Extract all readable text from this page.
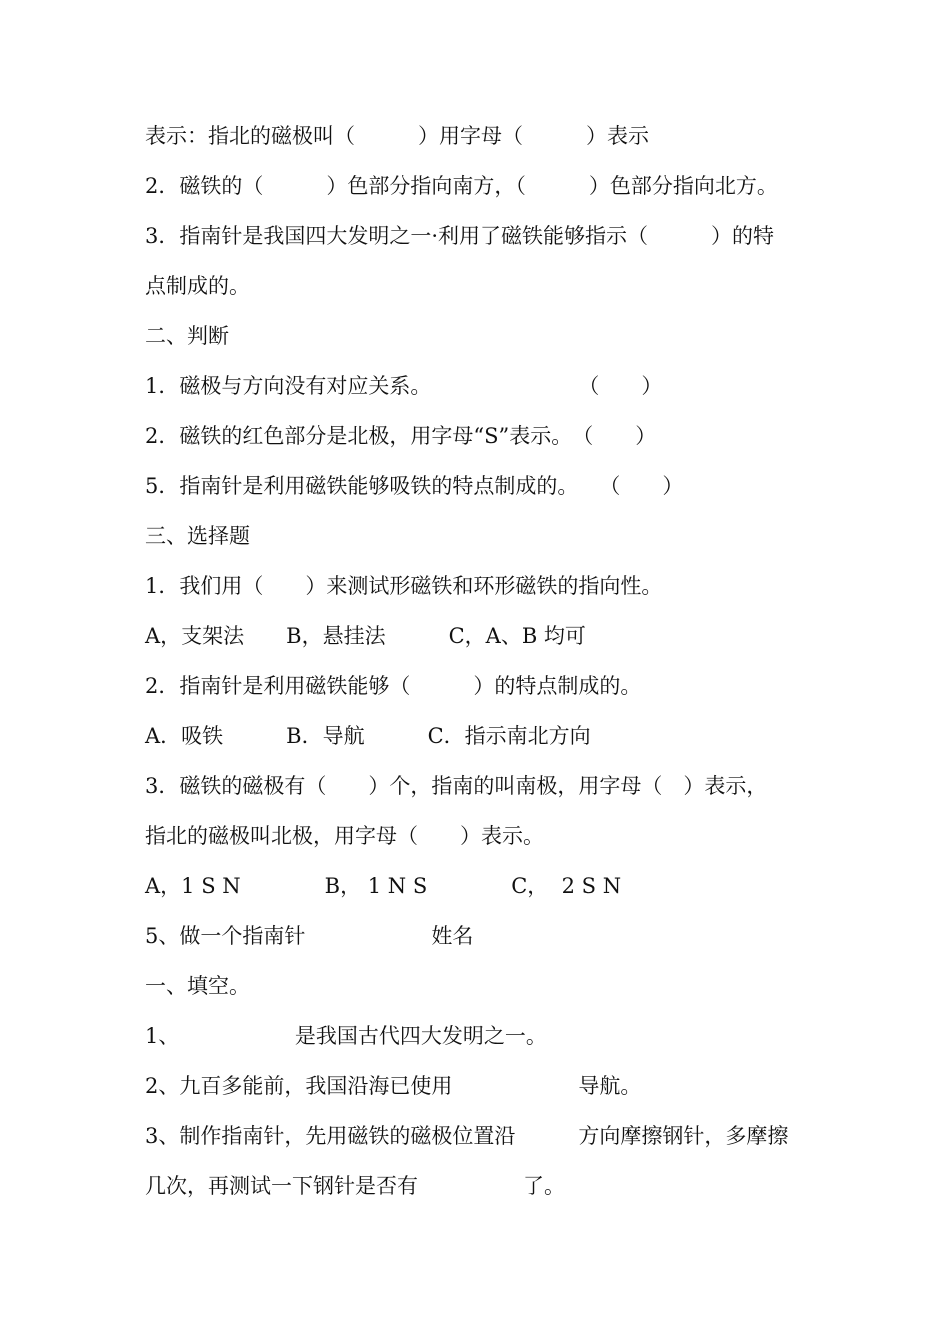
表示：指北的磁极叫（　　　）用字母（　　　）表示
2．磁铁的（　　　）色部分指向南方，（　　　）色部分指向北方。
3．指南针是我国四大发明之一·利用了磁铁能够指示（　　　）的特
点制成的。
二、判断
1．磁极与方向没有对应关系。　　　　　　　　（　　）
2．磁铁的红色部分是北极，用字母“S”表示。　（　　）
5．指南针是利用磁铁能够吸铁的特点制成的。　　（　　）
三、选择题
1．我们用（　　）来测试形磁铁和环形磁铁的指向性。
A，支架法　　B，悬挂法　　　C，A、B 均可
2．指南针是利用磁铁能够（　　　）的特点制成的。
A．吸铁　　　B．导航　　　C．指示南北方向
3．磁铁的磁极有（　　）个，指南的叫南极，用字母（　）表示，
指北的磁极叫北极，用字母（　　）表示。
A，1 S N　　　　B， 1 N S　　　　C，  2 S N
5、做一个指南针　　　　　　姓名
一、填空。
1、　　　　　　是我国古代四大发明之一。
2、九百多能前，我国沿海已使用　　　　　　导航。
3、制作指南针，先用磁铁的磁极位置沿　　　方向摩擦钢针，多摩擦
几次，再测试一下钢针是否有　　　　　了。
